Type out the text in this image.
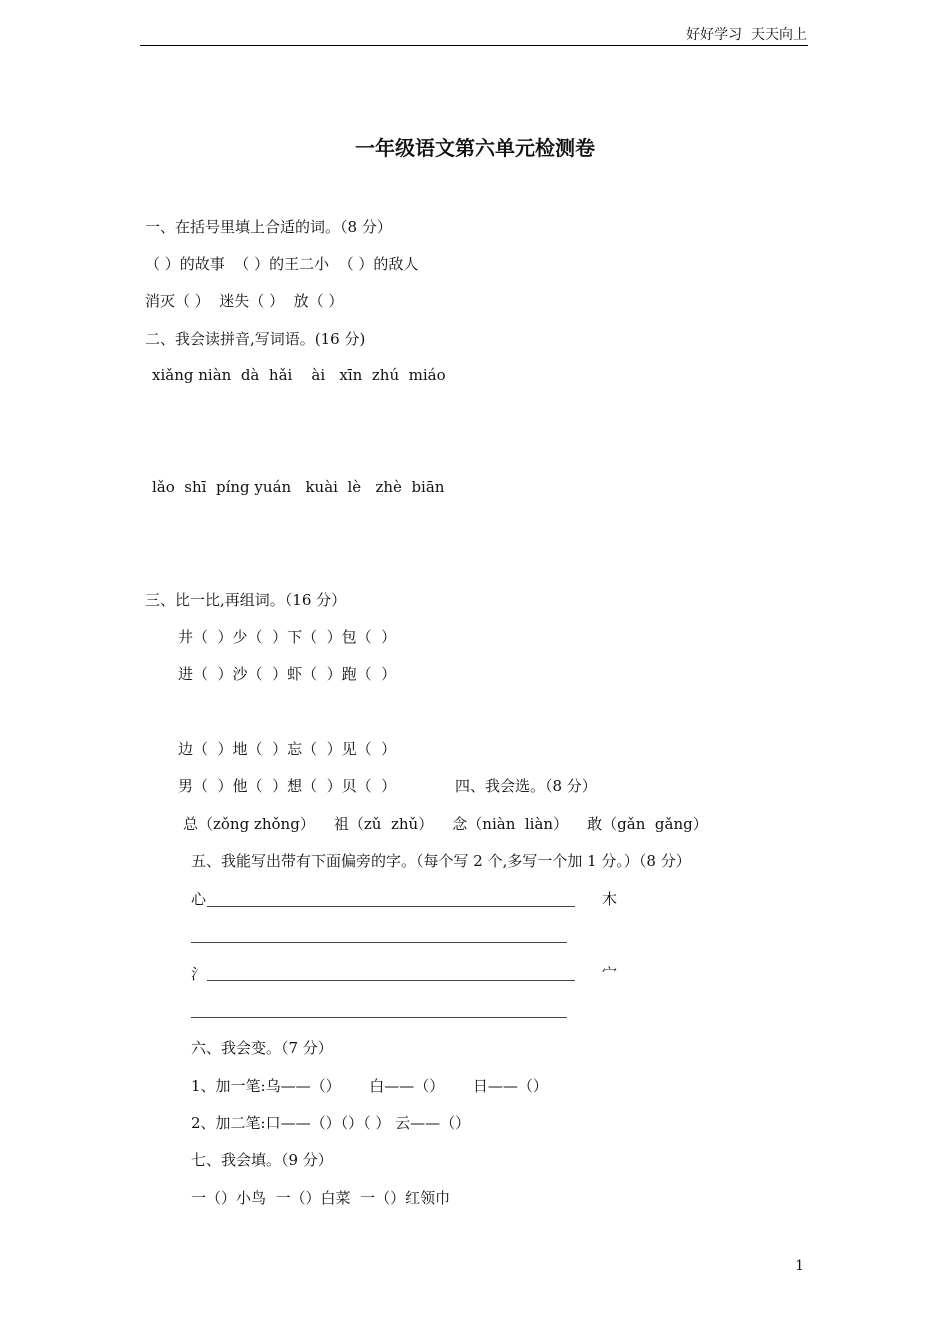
好好学习  天天向上
一年级语文第六单元检测卷
一、在括号里填上合适的词。（8 分）
（ ）的故事  （ ）的王二小  （ ）的敌人
消灭（ ）  迷失（ ）  放（ ）
二、我会读拼音,写词语。(16 分)
xiǎng niàn  dà  hǎi    ài   xīn  zhú  miáo
lǎo  shī  píng yuán   kuài  lè   zhè  biān
三、比一比,再组词。（16 分）
井（  ）少（  ）下（  ）包（  ）
进（  ）沙（  ）虾（  ）跑（  ）
边（  ）地（  ）忘（  ）见（  ）
男（  ）他（  ）想（  ）贝（  ）	四、我会选。（8 分）
总（zǒng zhǒng）    祖（zǔ  zhǔ）    念（niàn  liàn）    敢（gǎn  gǎng）
五、我能写出带有下面偏旁的字。（每个写 2 个,多写一个加 1 分。）（8 分）
心	木
氵	宀
六、我会变。（7 分）
1、加一笔:乌——（）      白——（）      日——（）
2、加二笔:口——（）（）（ ） 云——（）
七、我会填。（9 分）
一（）小鸟  一（）白菜  一（）红领巾
1
